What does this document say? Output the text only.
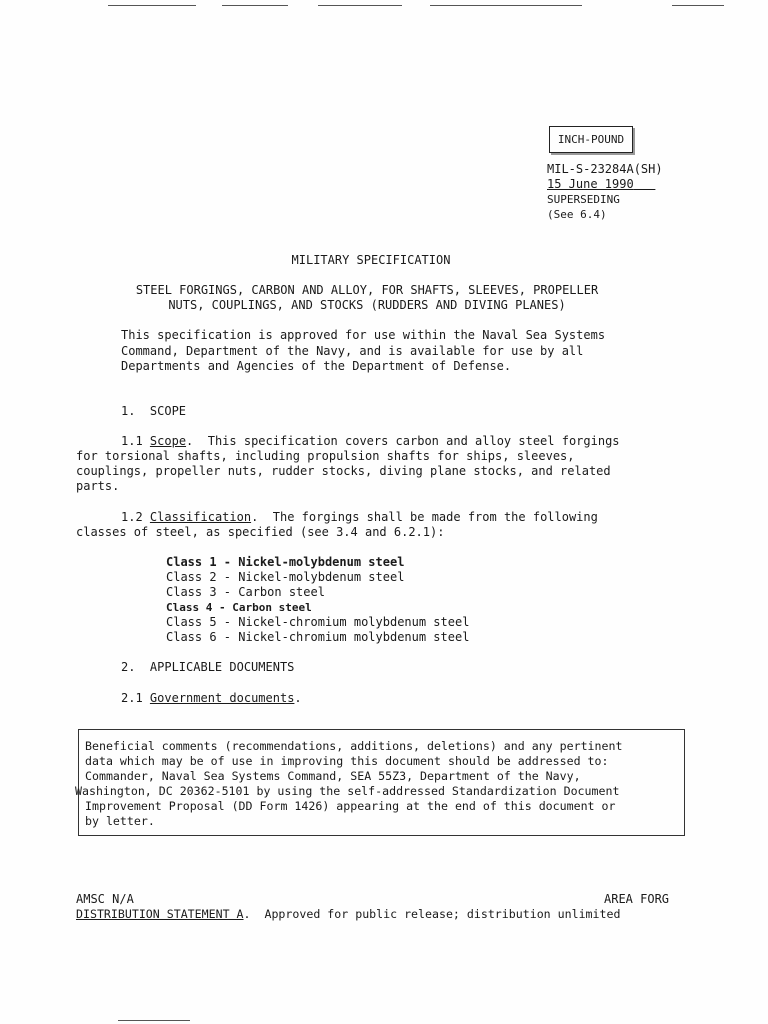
INCH-POUND
MIL-S-23284A(SH)
15 June 1990
SUPERSEDING
(See 6.4)
MILITARY SPECIFICATION
STEEL FORGINGS, CARBON AND ALLOY, FOR SHAFTS, SLEEVES, PROPELLER
NUTS, COUPLINGS, AND STOCKS (RUDDERS AND DIVING PLANES)
This specification is approved for use within the Naval Sea Systems
Command, Department of the Navy, and is available for use by all
Departments and Agencies of the Department of Defense.
1.  SCOPE
1.1 Scope.  This specification covers carbon and alloy steel forgings
for torsional shafts, including propulsion shafts for ships, sleeves,
couplings, propeller nuts, rudder stocks, diving plane stocks, and related
parts.
1.2 Classification.  The forgings shall be made from the following
classes of steel, as specified (see 3.4 and 6.2.1):
Class 1 - Nickel-molybdenum steel
Class 2 - Nickel-molybdenum steel
Class 3 - Carbon steel
Class 4 - Carbon steel
Class 5 - Nickel-chromium molybdenum steel
Class 6 - Nickel-chromium molybdenum steel
2.  APPLICABLE DOCUMENTS
2.1 Government documents.
Beneficial comments (recommendations, additions, deletions) and any pertinent
data which may be of use in improving this document should be addressed to:
Commander, Naval Sea Systems Command, SEA 55Z3, Department of the Navy,
Washington, DC 20362-5101 by using the self-addressed Standardization Document
Improvement Proposal (DD Form 1426) appearing at the end of this document or
by letter.
AMSC N/A	AREA FORG
DISTRIBUTION STATEMENT A.  Approved for public release; distribution unlimited
